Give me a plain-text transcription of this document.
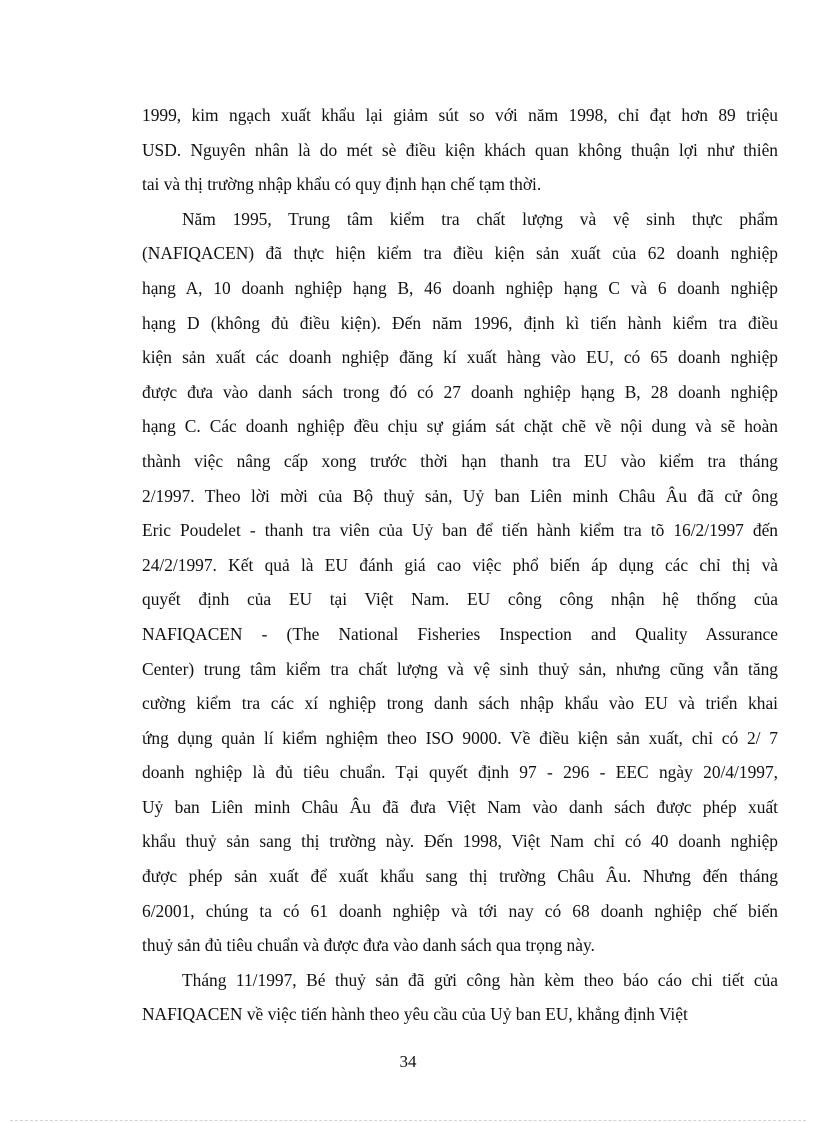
1999, kim ngạch xuất khẩu lại giảm sút so với năm 1998, chỉ đạt hơn 89 triệu
USD. Nguyên nhân là do mét sè điều kiện khách quan không thuận lợi như thiên
tai và thị trường nhập khẩu có quy định hạn chế tạm thời.
Năm 1995, Trung tâm kiểm tra chất lượng và vệ sinh thực phẩm
(NAFIQACEN) đã thực hiện kiểm tra điều kiện sản xuất của 62 doanh nghiệp
hạng A, 10 doanh nghiệp hạng B, 46 doanh nghiệp hạng C và 6 doanh nghiệp
hạng D (không đủ điều kiện). Đến năm 1996, định kì tiến hành kiểm tra điều
kiện sản xuất các doanh nghiệp đăng kí xuất hàng vào EU, có 65 doanh nghiệp
được đưa vào danh sách trong đó có 27 doanh nghiệp hạng B, 28 doanh nghiệp
hạng C. Các doanh nghiệp đều chịu sự giám sát chặt chẽ về nội dung và sẽ hoàn
thành việc nâng cấp xong trước thời hạn thanh tra EU vào kiểm tra tháng
2/1997. Theo lời mời của Bộ thuỷ sản, Uỷ ban Liên minh Châu Âu đã cử ông
Eric Poudelet - thanh tra viên của Uỷ ban để tiến hành kiểm tra tõ 16/2/1997 đến
24/2/1997. Kết quả là EU đánh giá cao việc phổ biến áp dụng các chỉ thị và
quyết định của EU tại Việt Nam. EU công công nhận hệ thống của
NAFIQACEN - (The National Fisheries Inspection and Quality Assurance
Center) trung tâm kiểm tra chất lượng và vệ sinh thuỷ sản, nhưng cũng vẫn tăng
cường kiểm tra các xí nghiệp trong danh sách nhập khẩu vào EU và triển khai
ứng dụng quản lí kiểm nghiệm theo ISO 9000. Về điều kiện sản xuất, chỉ có 2/ 7
doanh nghiệp là đủ tiêu chuẩn. Tại quyết định 97 - 296 - EEC ngày 20/4/1997,
Uỷ ban Liên minh Châu Âu đã đưa Việt Nam vào danh sách được phép xuất
khẩu thuỷ sản sang thị trường này. Đến 1998, Việt Nam chỉ có 40 doanh nghiệp
được phép sản xuất để xuất khẩu sang thị trường Châu Âu. Nhưng đến tháng
6/2001, chúng ta có 61 doanh nghiệp và tới nay có 68 doanh nghiệp chế biến
thuỷ sản đủ tiêu chuẩn và được đưa vào danh sách qua trọng này.
Tháng 11/1997, Bé thuỷ sản đã gửi công hàn kèm theo báo cáo chi tiết của
NAFIQACEN về việc tiến hành theo yêu cầu của Uỷ ban EU, khẳng định Việt
34
